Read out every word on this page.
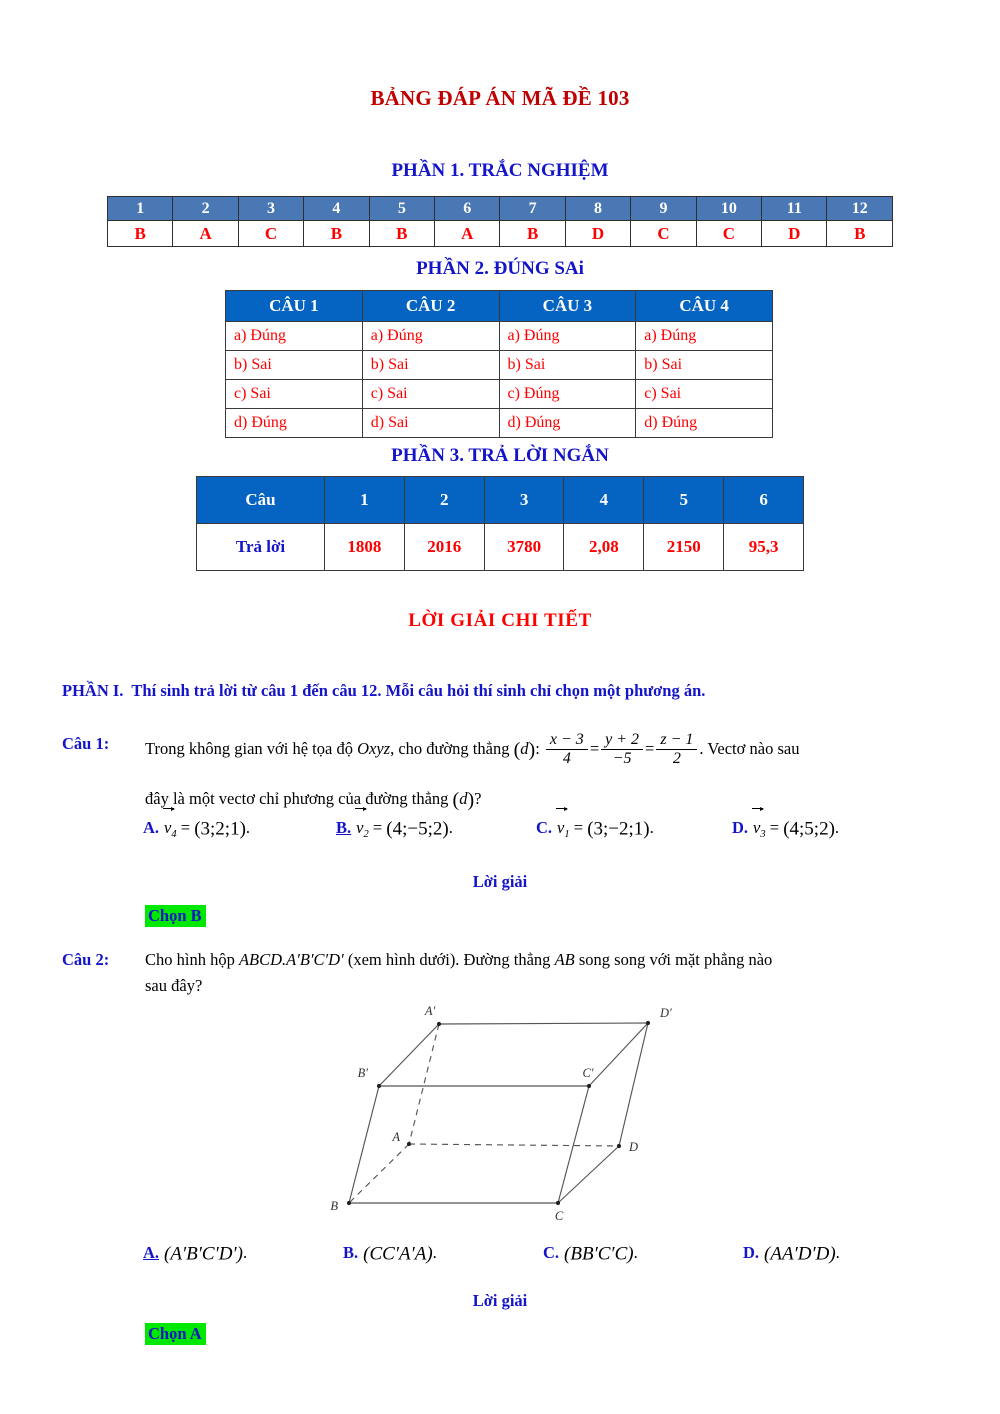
BẢNG ĐÁP ÁN MÃ ĐỀ 103
PHẦN 1. TRẮC NGHIỆM
1	2	3	4	5	6	7	8	9	10	11	12
B	A	C	B	B	A	B	D	C	C	D	B
PHẦN 2. ĐÚNG SAi
CÂU 1	CÂU 2	CÂU 3	CÂU 4
a) Đúng	a) Đúng	a) Đúng	a) Đúng
b) Sai	b) Sai	b) Sai	b) Sai
c) Sai	c) Sai	c) Đúng	c) Sai
d) Đúng	d) Sai	d) Đúng	d) Đúng
PHẦN 3. TRẢ LỜI NGẮN
Câu	1	2	3	4	5	6
Trả lời	1808	2016	3780	2,08	2150	95,3
LỜI GIẢI CHI TIẾT
PHẦN I. Thí sinh trả lời từ câu 1 đến câu 12. Mỗi câu hỏi thí sinh chỉ chọn một phương án.
Câu 1: Trong không gian với hệ tọa độ Oxyz, cho đường thẳng (d): $\frac{x - 3}{4} = \frac{y + 2}{-5} = \frac{z - 1}{2}$ . Vectơ nào sau
đây là một vectơ chỉ phương của đường thẳng (d)?
A. $v_4$ = (3;2;1).	B. $v_2$ = (4;−5;2).	C. $v_1$ = (3;−2;1).	D. $v_3$ = (4;5;2).
Lời giải
Chọn B
Câu 2: Cho hình hộp ABCD.A′B′C′D′ (xem hình dưới). Đường thẳng AB song song với mặt phẳng nào
sau đây?
A′	D′
B′	C′
A
D
B
C
A. (A′B′C′D′).	B. (CC′A′A).	C. (BB′C′C).	D. (AA′D′D).
Lời giải
Chọn A
